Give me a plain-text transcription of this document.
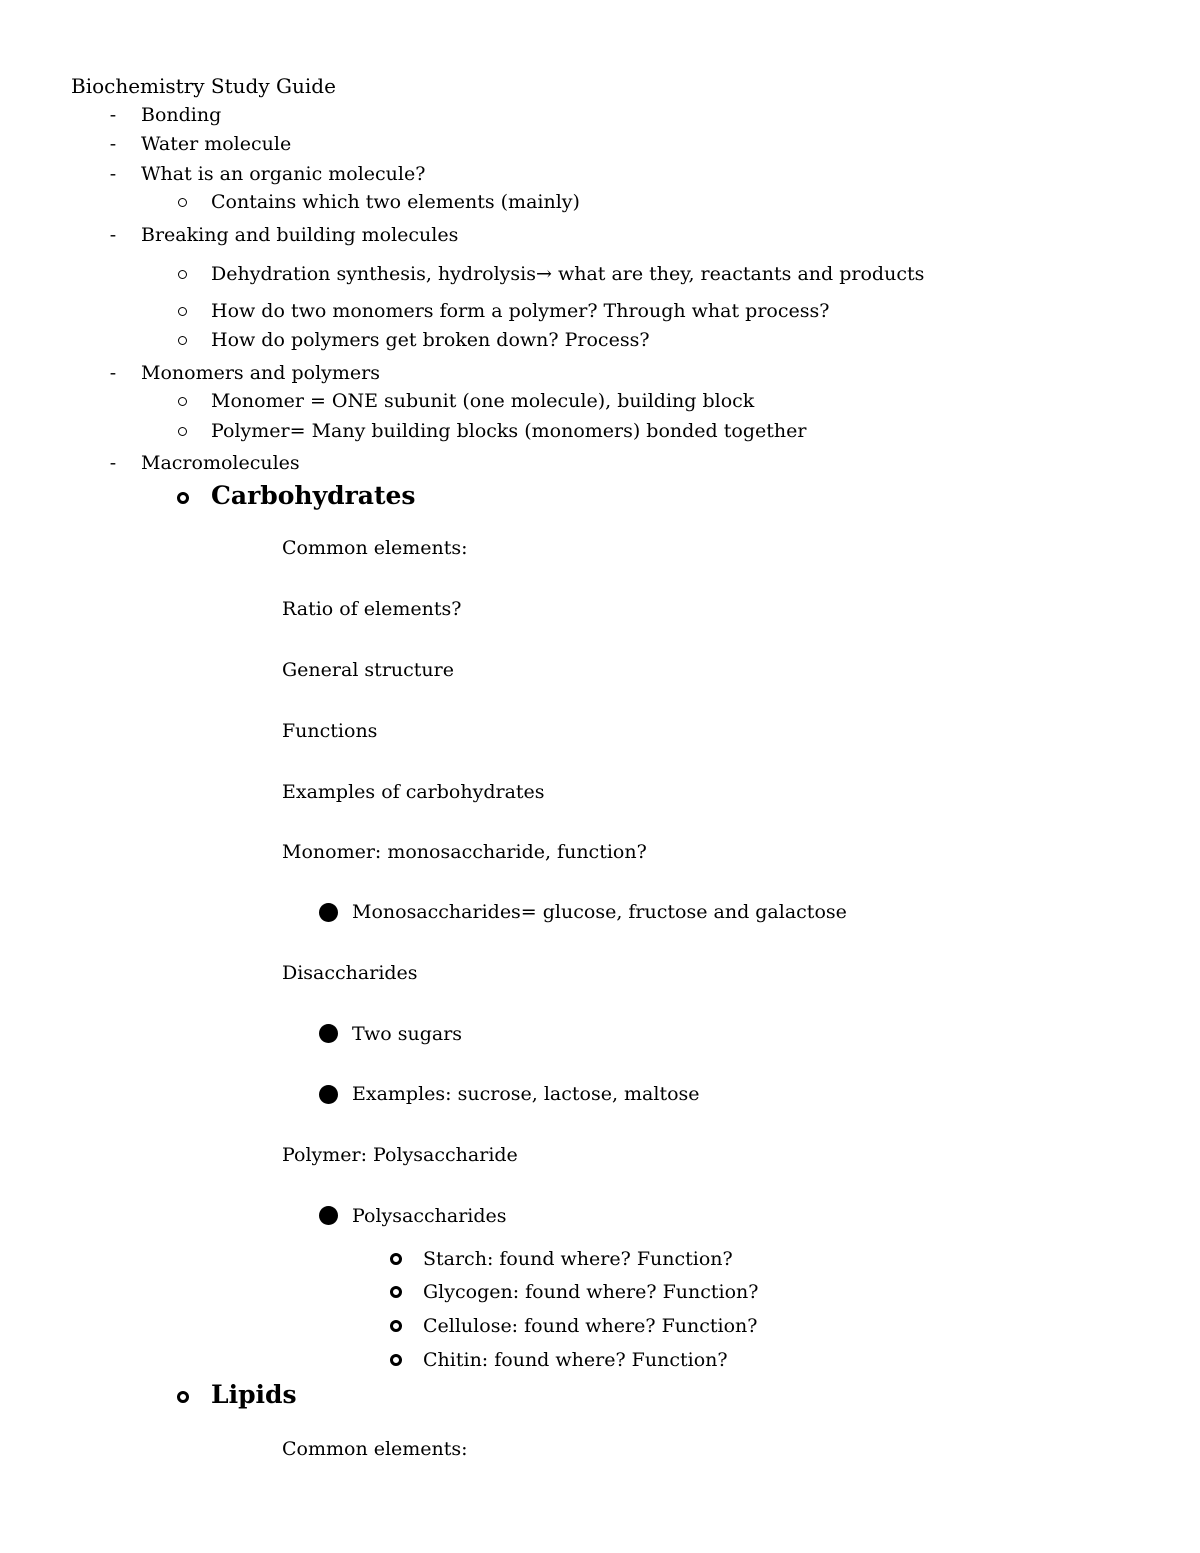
Biochemistry Study Guide
- Bonding
- Water molecule
- What is an organic molecule?
Contains which two elements (mainly)
- Breaking and building molecules
Dehydration synthesis, hydrolysis→ what are they, reactants and products
How do two monomers form a polymer? Through what process?
How do polymers get broken down? Process?
- Monomers and polymers
Monomer = ONE subunit (one molecule), building block
Polymer= Many building blocks (monomers) bonded together
- Macromolecules
Carbohydrates
Common elements:
Ratio of elements?
General structure
Functions
Examples of carbohydrates
Monomer: monosaccharide, function?
Monosaccharides= glucose, fructose and galactose
Disaccharides
Two sugars
Examples: sucrose, lactose, maltose
Polymer: Polysaccharide
Polysaccharides
Starch: found where? Function?
Glycogen: found where? Function?
Cellulose: found where? Function?
Chitin: found where? Function?
Lipids
Common elements:
